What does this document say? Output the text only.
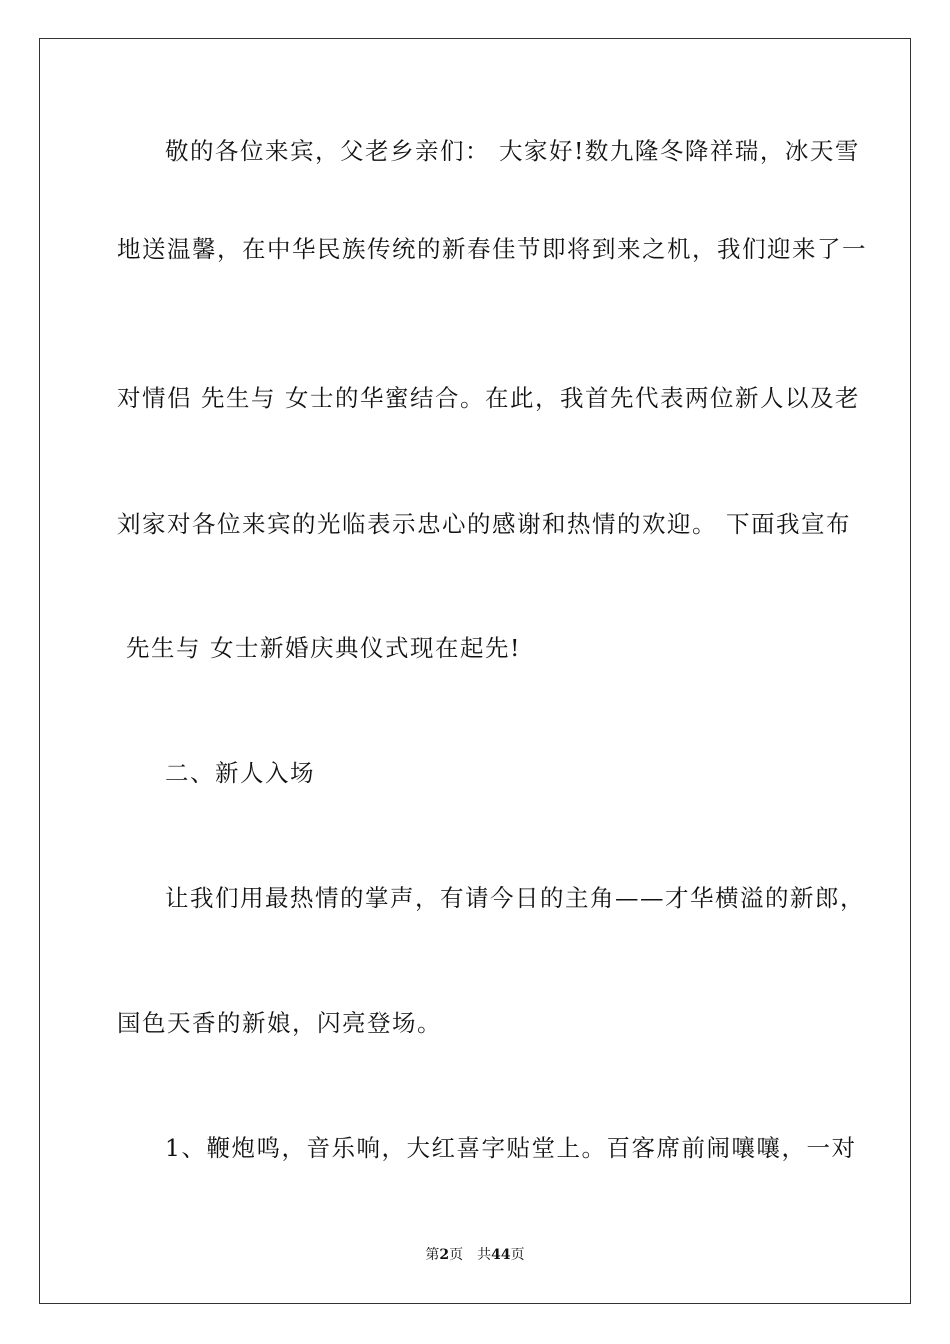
敬的各位来宾，父老乡亲们： 大家好!数九隆冬降祥瑞，冰天雪
地送温馨，在中华民族传统的新春佳节即将到来之机，我们迎来了一
对情侣 先生与 女士的华蜜结合。在此，我首先代表两位新人以及老
刘家对各位来宾的光临表示忠心的感谢和热情的欢迎。 下面我宣布
先生与 女士新婚庆典仪式现在起先!
二、新人入场
让我们用最热情的掌声，有请今日的主角——才华横溢的新郎，
国色天香的新娘，闪亮登场。
1、鞭炮鸣，音乐响，大红喜字贴堂上。百客席前闹嚷嚷，一对
第2页 共44页
